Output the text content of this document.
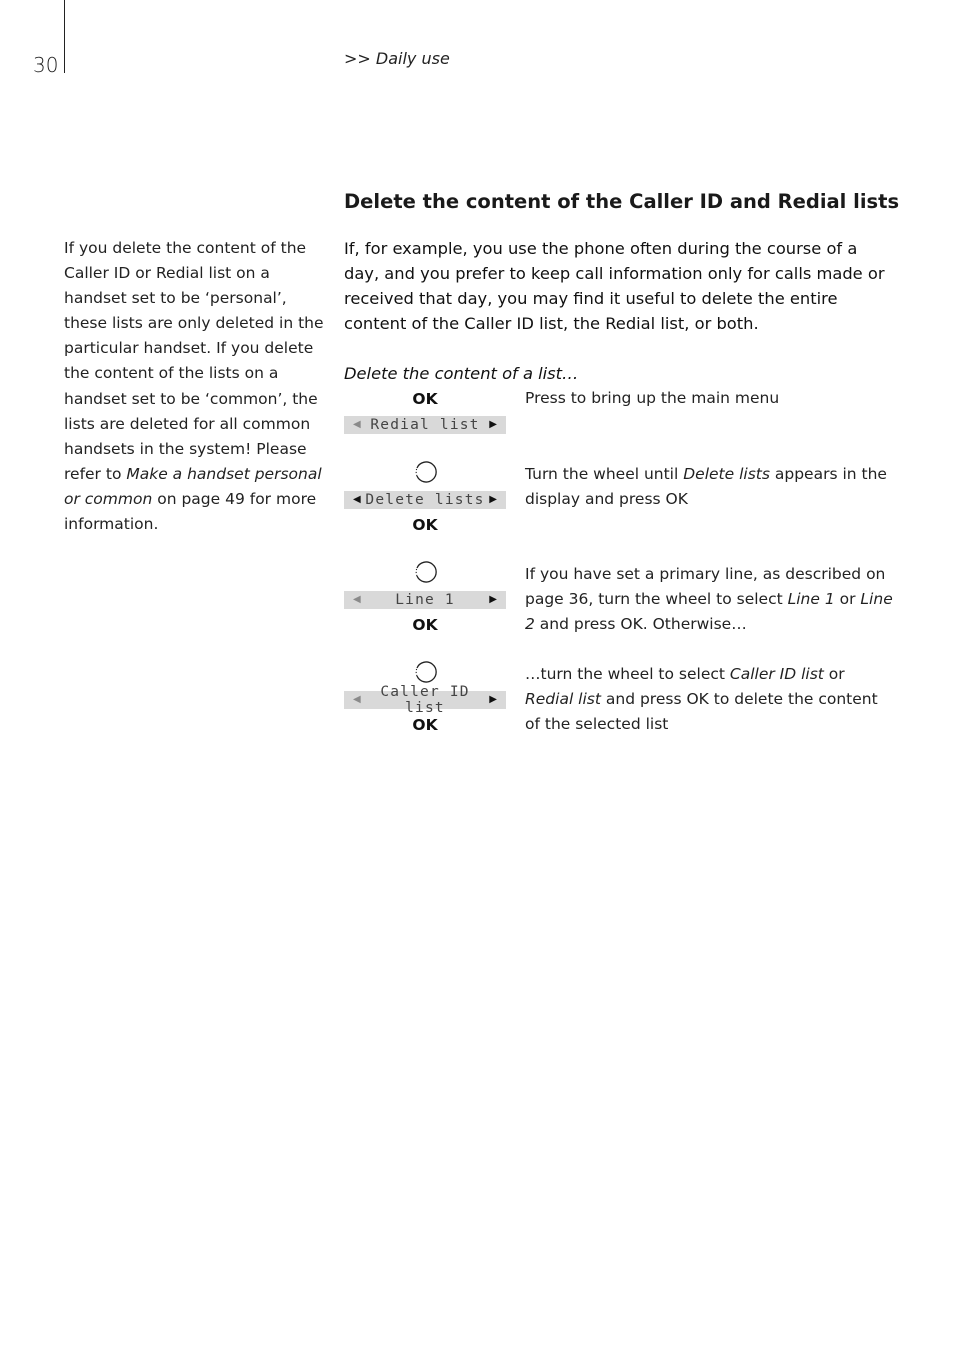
30	>> Daily use
Delete the content of the Caller ID and Redial lists
If you delete the content of the Caller ID or Redial list on a handset set to be ‘personal’, these lists are only deleted in the particular handset. If you delete the content of the lists on a handset set to be ‘common’, the lists are deleted for all common handsets in the system! Please refer to Make a handset personal or common on page 49 for more information.
If, for example, you use the phone often during the course of a day, and you prefer to keep call information only for calls made or received that day, you may find it useful to delete the entire content of the Caller ID list, the Redial list, or both.
Delete the content of a list…
OK
◀ Redial list ▶
Press to bring up the main menu
◀ Delete lists ▶
OK
Turn the wheel until Delete lists appears in the display and press OK
◀	Line 1	▶
OK
If you have set a primary line, as described on page 36, turn the wheel to select Line 1 or Line 2 and press OK. Otherwise…
◀	Caller ID list
▶
OK
…turn the wheel to select Caller ID list or Redial list and press OK to delete the content of the selected list
